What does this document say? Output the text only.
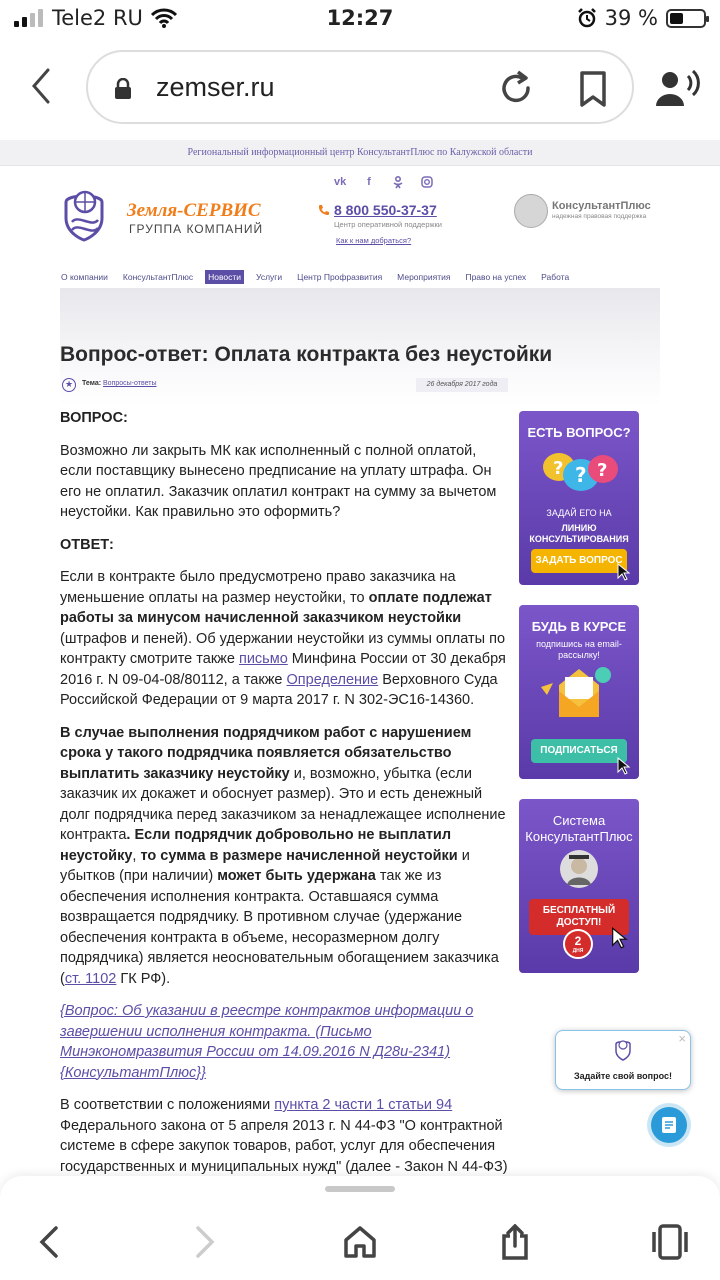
Tele2 RU	12:27	39 %
zemser.ru
Региональный информационный центр КонсультантПлюс по Калужской области
Земля-СЕРВИС
ГРУППА КОМПАНИЙ
vk	f
8 800 550-37-37
Центр оперативной поддержки
Как к нам добраться?
КонсультантПлюс
надежная правовая поддержка
О компании	КонсультантПлюс	Новости	Услуги	Центр Профразвития	Мероприятия	Право на успех	Работа
Вопрос-ответ: Оплата контракта без неустойки
★	Тема: Вопросы-ответы	26 декабря 2017 года

ВОПРОС:

Возможно ли закрыть МК как исполненный с полной оплатой, если поставщику вынесено предписание на уплату штрафа. Он его не оплатил. Заказчик оплатил контракт на сумму за вычетом неустойки. Как правильно это оформить?

ОТВЕТ:

Если в контракте было предусмотрено право заказчика на уменьшение оплаты на размер неустойки, то оплате подлежат работы за минусом начисленной заказчиком неустойки (штрафов и пеней). Об удержании неустойки из суммы оплаты по контракту смотрите также письмо Минфина России от 30 декабря 2016 г. N 09-04-08/80112, а также Определение Верховного Суда Российской Федерации от 9 марта 2017 г. N 302-ЭС16-14360.

В случае выполнения подрядчиком работ с нарушением срока у такого подрядчика появляется обязательство выплатить заказчику неустойку и, возможно, убытка (если заказчик их докажет и обоснует размер). Это и есть денежный долг подрядчика перед заказчиком за ненадлежащее исполнение контракта. Если подрядчик добровольно не выплатил неустойку, то сумма в размере начисленной неустойки и убытков (при наличии) может быть удержана так же из обеспечения исполнения контракта. Оставшаяся сумма возвращается подрядчику. В противном случае (удержание обеспечения контракта в объеме, несоразмерном долгу подрядчика) является неосновательным обогащением заказчика (ст. 1102 ГК РФ).

{Вопрос: Об указании в реестре контрактов информации о завершении исполнения контракта. (Письмо Минэкономразвития России от 14.09.2016 N Д28и-2341) {КонсультантПлюс}}

В соответствии с положениями пункта 2 части 1 статьи 94 Федерального закона от 5 апреля 2013 г. N 44-ФЗ "О контрактной системе в сфере закупок товаров, работ, услуг для обеспечения государственных и муниципальных нужд" (далее - Закон N 44-ФЗ)

ЕСТЬ ВОПРОС?
? ? ?
ЗАДАЙ ЕГО НА
ЛИНИЮ КОНСУЛЬТИРОВАНИЯ
ЗАДАТЬ ВОПРОС
БУДЬ В КУРСЕ
подпишись на email-рассылку!
ПОДПИСАТЬСЯ
Система КонсультантПлюс
БЕСПЛАТНЫЙ ДОСТУП!
2
ДНЯ
×
Задайте свой вопрос!
